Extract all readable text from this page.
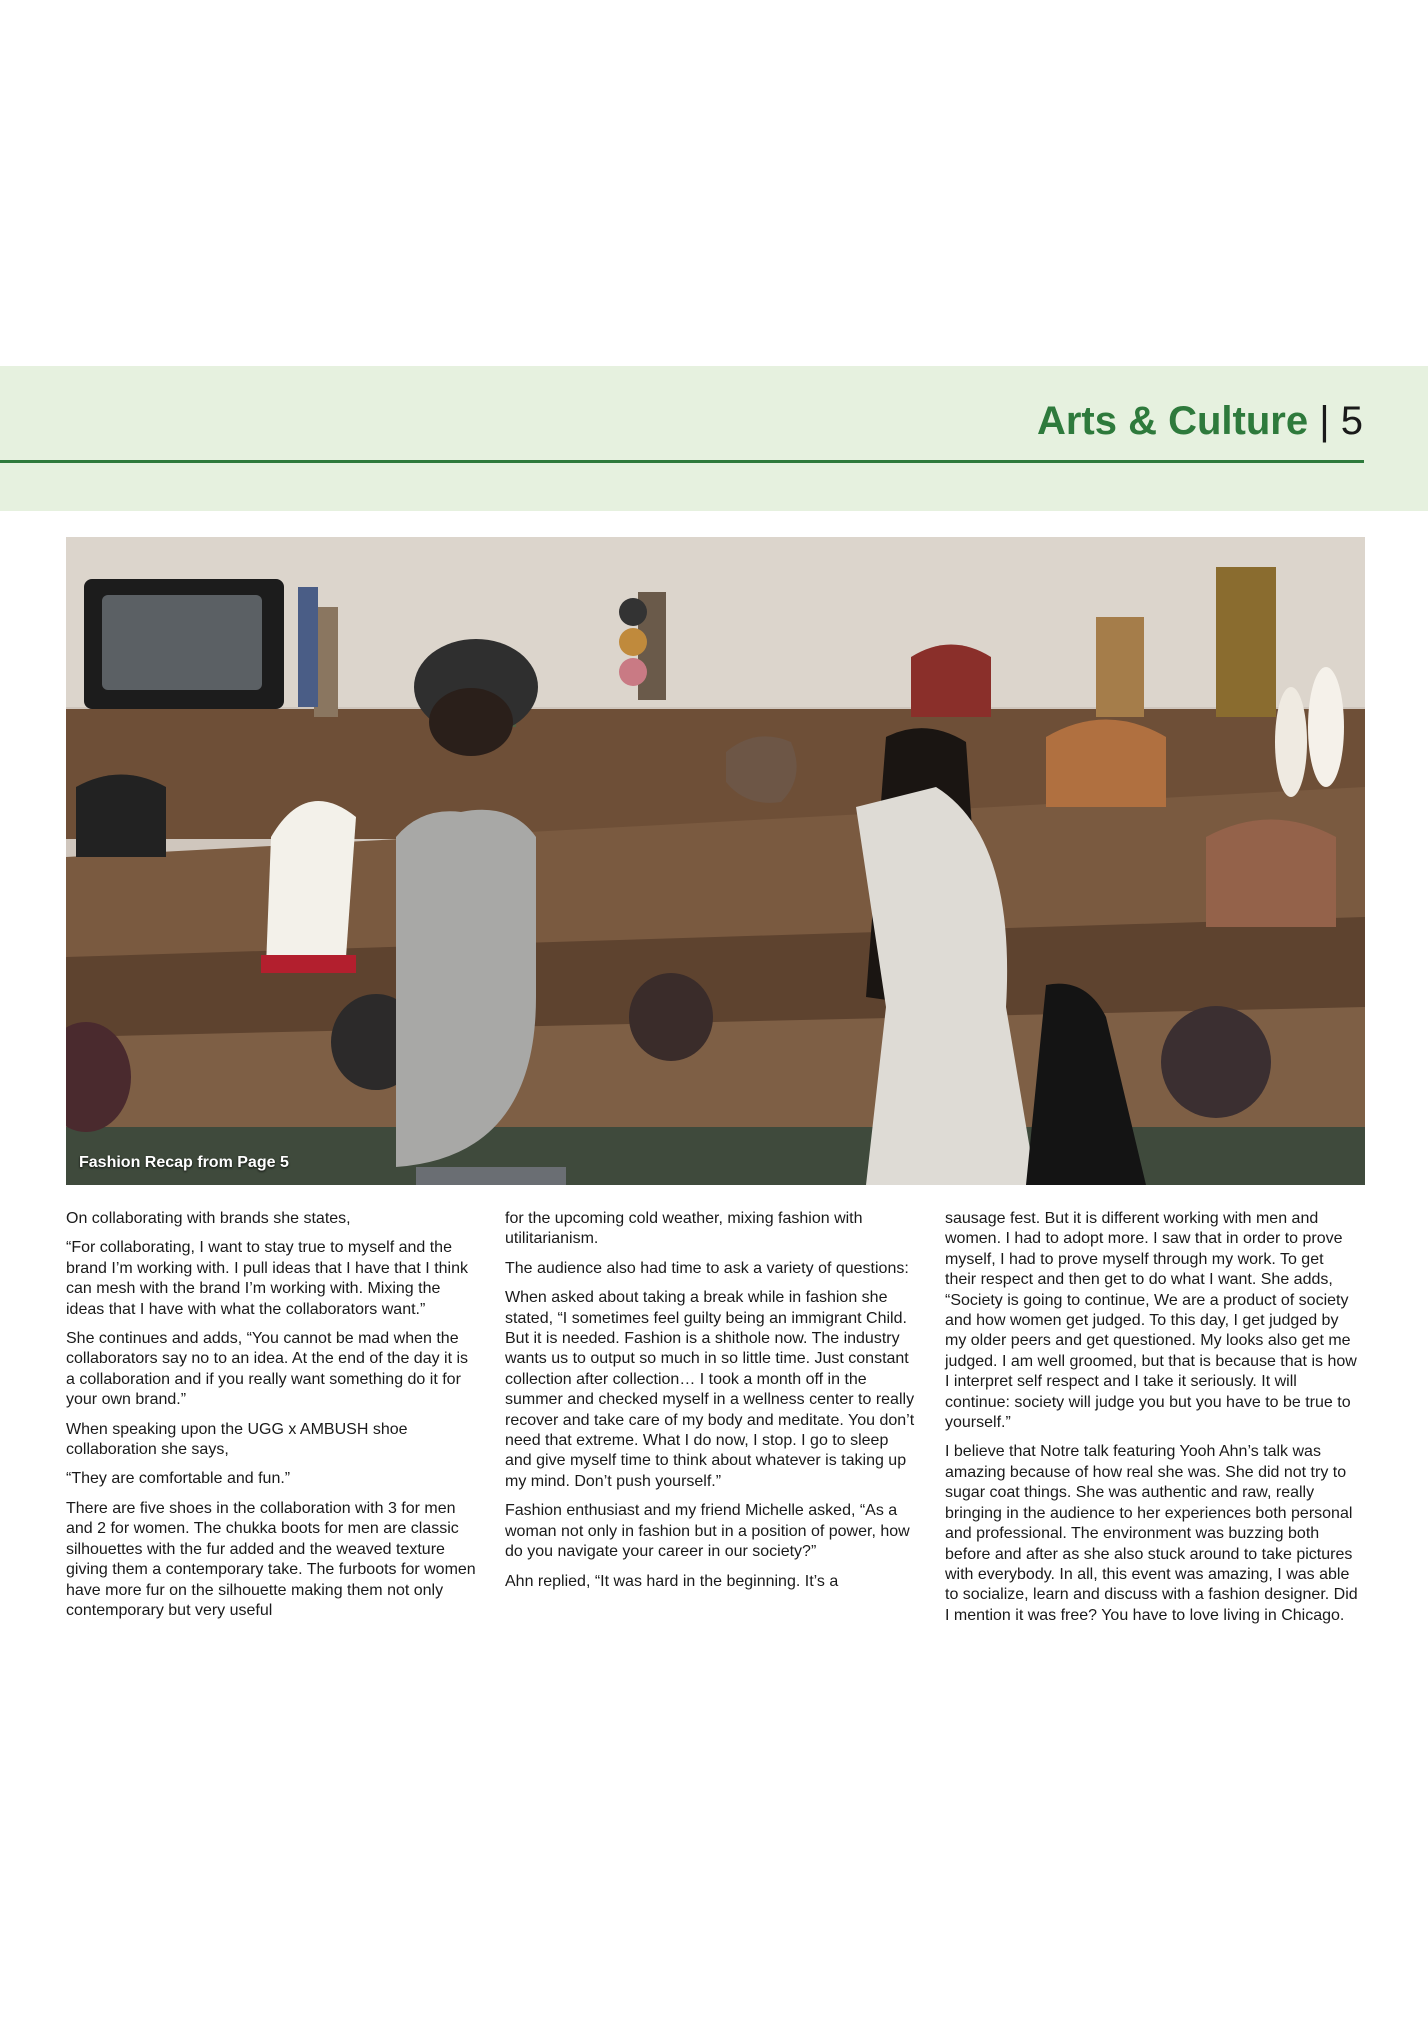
Arts & Culture | 5
Fashion Recap from Page 5

On collaborating with brands she states,

“For collaborating, I want to stay true to myself and the brand I’m working with. I pull ideas that I have that I think can mesh with the brand I’m working with. Mixing the ideas that I have with what the collaborators want.”

She continues and adds, “You cannot be mad when the collaborators say no to an idea. At the end of the day it is a collaboration and if you really want something do it for your own brand.”

When speaking upon the UGG x AMBUSH shoe collaboration she says,

“They are comfortable and fun.”

There are five shoes in the collaboration with 3 for men and 2 for women. The chukka boots for men are classic silhouettes with the fur added and the weaved texture giving them a contemporary take. The furboots for women have more fur on the silhouette making them not only contemporary but very useful

for the upcoming cold weather, mixing fashion with utilitarianism.

The audience also had time to ask a variety of questions:

When asked about taking a break while in fashion she stated, “I sometimes feel guilty being an immigrant Child. But it is needed. Fashion is a shithole now. The industry wants us to output so much in so little time. Just constant collection after collection… I took a month off in the summer and checked myself in a wellness center to really recover and take care of my body and meditate. You don’t need that extreme. What I do now, I stop. I go to sleep and give myself time to think about whatever is taking up my mind. Don’t push yourself.”

Fashion enthusiast and my friend Michelle asked, “As a woman not only in fashion but in a position of power, how do you navigate your career in our society?”

Ahn replied, “It was hard in the beginning. It’s a

sausage fest. But it is different working with men and women. I had to adopt more. I saw that in order to prove myself, I had to prove myself through my work. To get their respect and then get to do what I want. She adds, “Society is going to continue, We are a product of society and how women get judged. To this day, I get judged by my older peers and get questioned. My looks also get me judged. I am well groomed, but that is because that is how I interpret self respect and I take it seriously. It will continue: society will judge you but you have to be true to yourself.”

I believe that Notre talk featuring Yooh Ahn’s talk was amazing because of how real she was. She did not try to sugar coat things. She was authentic and raw, really bringing in the audience to her experiences both personal and professional. The environment was buzzing both before and after as she also stuck around to take pictures with everybody. In all, this event was amazing, I was able to socialize, learn and discuss with a fashion designer. Did I mention it was free? You have to love living in Chicago.
